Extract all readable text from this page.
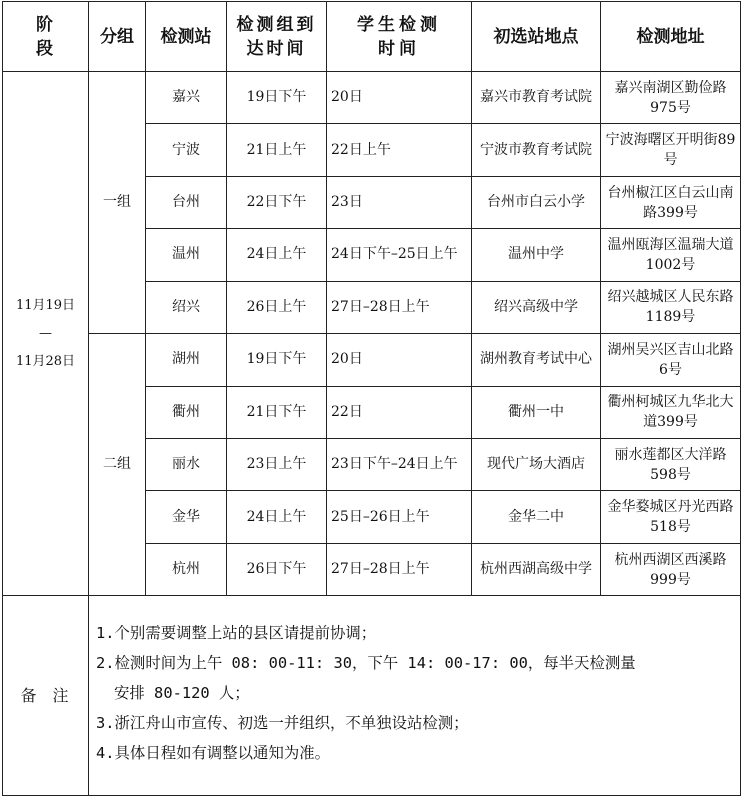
阶段	分组	检测站	检测组到达时间	学生检测时间	初选站地点	检测地址

11月19日
—
11月28日	一组	嘉兴	19日下午	20日	嘉兴市教育考试院	嘉兴南湖区勤俭路975号
		宁波	21日上午	22日上午	宁波市教育考试院	宁波海曙区开明街89号
		台州	22日下午	23日	台州市白云小学	台州椒江区白云山南路399号
		温州	24日上午	24日下午–25日上午	温州中学	温州瓯海区温瑞大道1002号
		绍兴	26日上午	27日–28日上午	绍兴高级中学	绍兴越城区人民东路1189号
	二组	湖州	19日下午	20日	湖州教育考试中心	湖州吴兴区吉山北路6号
		衢州	21日下午	22日	衢州一中	衢州柯城区九华北大道399号
		丽水	23日上午	23日下午–24日上午	现代广场大酒店	丽水莲都区大洋路598号
		金华	24日上午	25日–26日上午	金华二中	金华婺城区丹光西路518号
		杭州	26日下午	27日–28日上午	杭州西湖高级中学	杭州西湖区西溪路999号
备注	1.个别需要调整上站的县区请提前协调；
2.检测时间为上午 08: 00-11: 30，下午 14: 00-17: 00，每半天检测量
安排 80-120 人；
3.浙江舟山市宣传、初选一并组织，不单独设站检测；
4.具体日程如有调整以通知为准。					
